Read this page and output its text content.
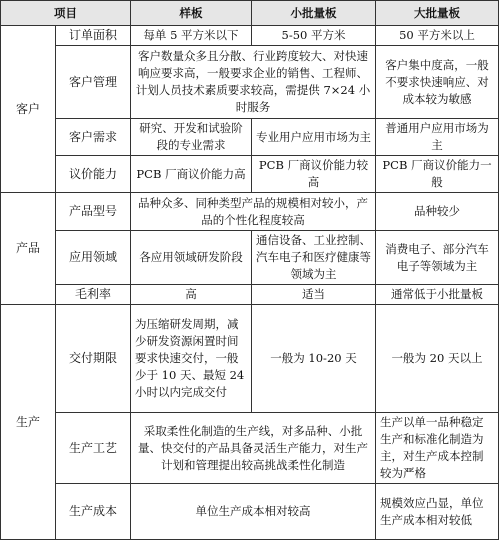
项目		样板	小批量板	大批量板
客户	订单面积	每单 5 平方米以下	5-50 平方米	50 平方米以上
	客户管理	客户数量众多且分散、行业跨度较大、对快速响应要求高，一般要求企业的销售、工程师、计划人员技术素质要求较高，需提供 7×24 小时服务		客户集中度高，一般不要求快速响应、对成本较为敏感
	客户需求	研究、开发和试验阶段的专业需求	专业用户应用市场为主	普通用户应用市场为主
	议价能力	PCB 厂商议价能力高	PCB 厂商议价能力较高	PCB 厂商议价能力一般
产品	产品型号	品种众多、同种类型产品的规模相对较小，产品的个性化程度较高		品种较少
	应用领域	各应用领域研发阶段	通信设备、工业控制、汽车电子和医疗健康等领域为主	消费电子、部分汽车电子等领域为主
	毛利率	高	适当	通常低于小批量板
生产	交付期限	为压缩研发周期，减少研发资源闲置时间要求快速交付，一般少于 10 天、最短 24 小时以内完成交付	一般为 10-20 天	一般为 20 天以上
	生产工艺	采取柔性化制造的生产线，对多品种、小批量、快交付的产品具备灵活生产能力，对生产计划和管理提出较高挑战柔性化制造		生产以单一品种稳定生产和标准化制造为主，对生产成本控制较为严格
	生产成本	单位生产成本相对较高		规模效应凸显，单位生产成本相对较低
